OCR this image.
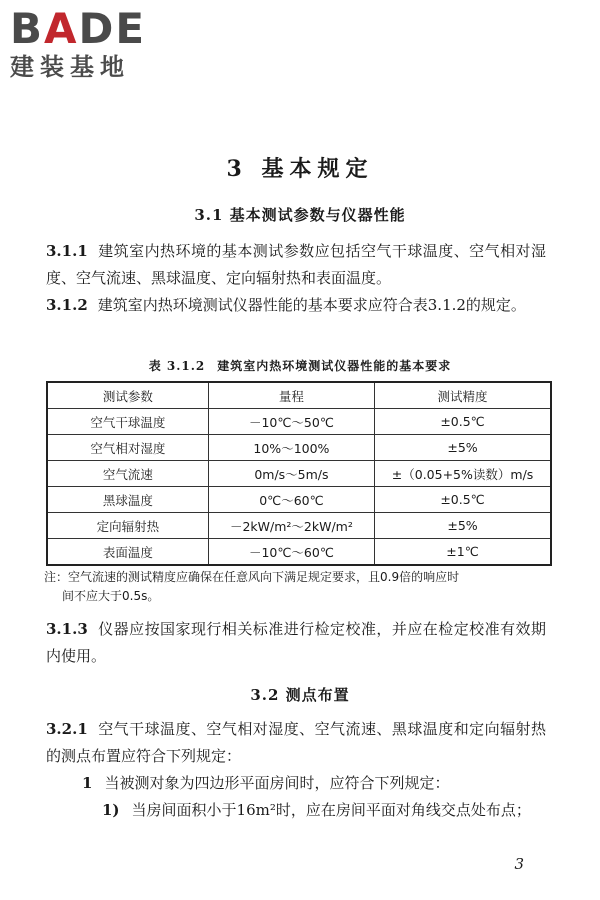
BADE
建装基地
3 基本规定
3.1 基本测试参数与仪器性能
3.1.1 建筑室内热环境的基本测试参数应包括空气干球温度、空气相对湿度、空气流速、黑球温度、定向辐射热和表面温度。
3.1.2 建筑室内热环境测试仪器性能的基本要求应符合表3.1.2的规定。
表 3.1.2 建筑室内热环境测试仪器性能的基本要求
测试参数	量程	测试精度
空气干球温度	－10℃～50℃	±0.5℃
空气相对湿度	10%～100%	±5%
空气流速	0m/s～5m/s	±（0.05+5%读数）m/s
黑球温度	0℃～60℃	±0.5℃
定向辐射热	－2kW/m²～2kW/m²	±5%
表面温度	－10℃～60℃	±1℃
注：空气流速的测试精度应确保在任意风向下满足规定要求，且0.9倍的响应时
间不应大于0.5s。
3.1.3 仪器应按国家现行相关标准进行检定校准，并应在检定校准有效期内使用。
3.2 测点布置
3.2.1 空气干球温度、空气相对湿度、空气流速、黑球温度和定向辐射热的测点布置应符合下列规定：
1 当被测对象为四边形平面房间时，应符合下列规定：
1) 当房间面积小于16m²时，应在房间平面对角线交点处布点；
3
